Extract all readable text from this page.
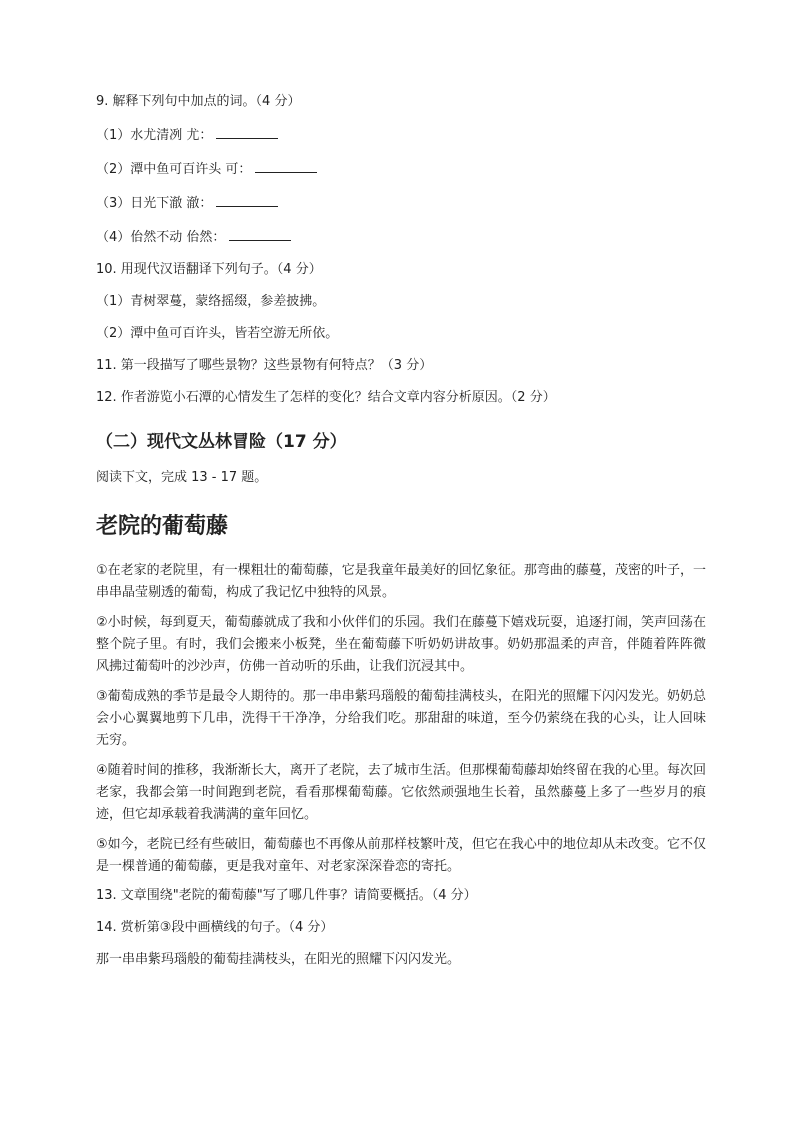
9. 解释下列句中加点的词。（4 分）

（1）水尤清冽 尤：

（2）潭中鱼可百许头 可：

（3）日光下澈 澈：

（4）佁然不动 佁然：

10. 用现代汉语翻译下列句子。（4 分）

（1）青树翠蔓，蒙络摇缀，参差披拂。

（2）潭中鱼可百许头，皆若空游无所依。

11. 第一段描写了哪些景物？这些景物有何特点？（3 分）

12. 作者游览小石潭的心情发生了怎样的变化？结合文章内容分析原因。（2 分）

（二）现代文丛林冒险（17 分）

阅读下文，完成 13 - 17 题。

老院的葡萄藤

①在老家的老院里，有一棵粗壮的葡萄藤，它是我童年最美好的回忆象征。那弯曲的藤蔓，茂密的叶子，一串串晶莹剔透的葡萄，构成了我记忆中独特的风景。

②小时候，每到夏天，葡萄藤就成了我和小伙伴们的乐园。我们在藤蔓下嬉戏玩耍，追逐打闹，笑声回荡在整个院子里。有时，我们会搬来小板凳，坐在葡萄藤下听奶奶讲故事。奶奶那温柔的声音，伴随着阵阵微风拂过葡萄叶的沙沙声，仿佛一首动听的乐曲，让我们沉浸其中。

③葡萄成熟的季节是最令人期待的。那一串串紫玛瑙般的葡萄挂满枝头，在阳光的照耀下闪闪发光。奶奶总会小心翼翼地剪下几串，洗得干干净净，分给我们吃。那甜甜的味道，至今仍萦绕在我的心头，让人回味无穷。

④随着时间的推移，我渐渐长大，离开了老院，去了城市生活。但那棵葡萄藤却始终留在我的心里。每次回老家，我都会第一时间跑到老院，看看那棵葡萄藤。它依然顽强地生长着，虽然藤蔓上多了一些岁月的痕迹，但它却承载着我满满的童年回忆。

⑤如今，老院已经有些破旧，葡萄藤也不再像从前那样枝繁叶茂，但它在我心中的地位却从未改变。它不仅是一棵普通的葡萄藤，更是我对童年、对老家深深眷恋的寄托。

13. 文章围绕"老院的葡萄藤"写了哪几件事？请简要概括。（4 分）

14. 赏析第③段中画横线的句子。（4 分）

那一串串紫玛瑙般的葡萄挂满枝头，在阳光的照耀下闪闪发光。
